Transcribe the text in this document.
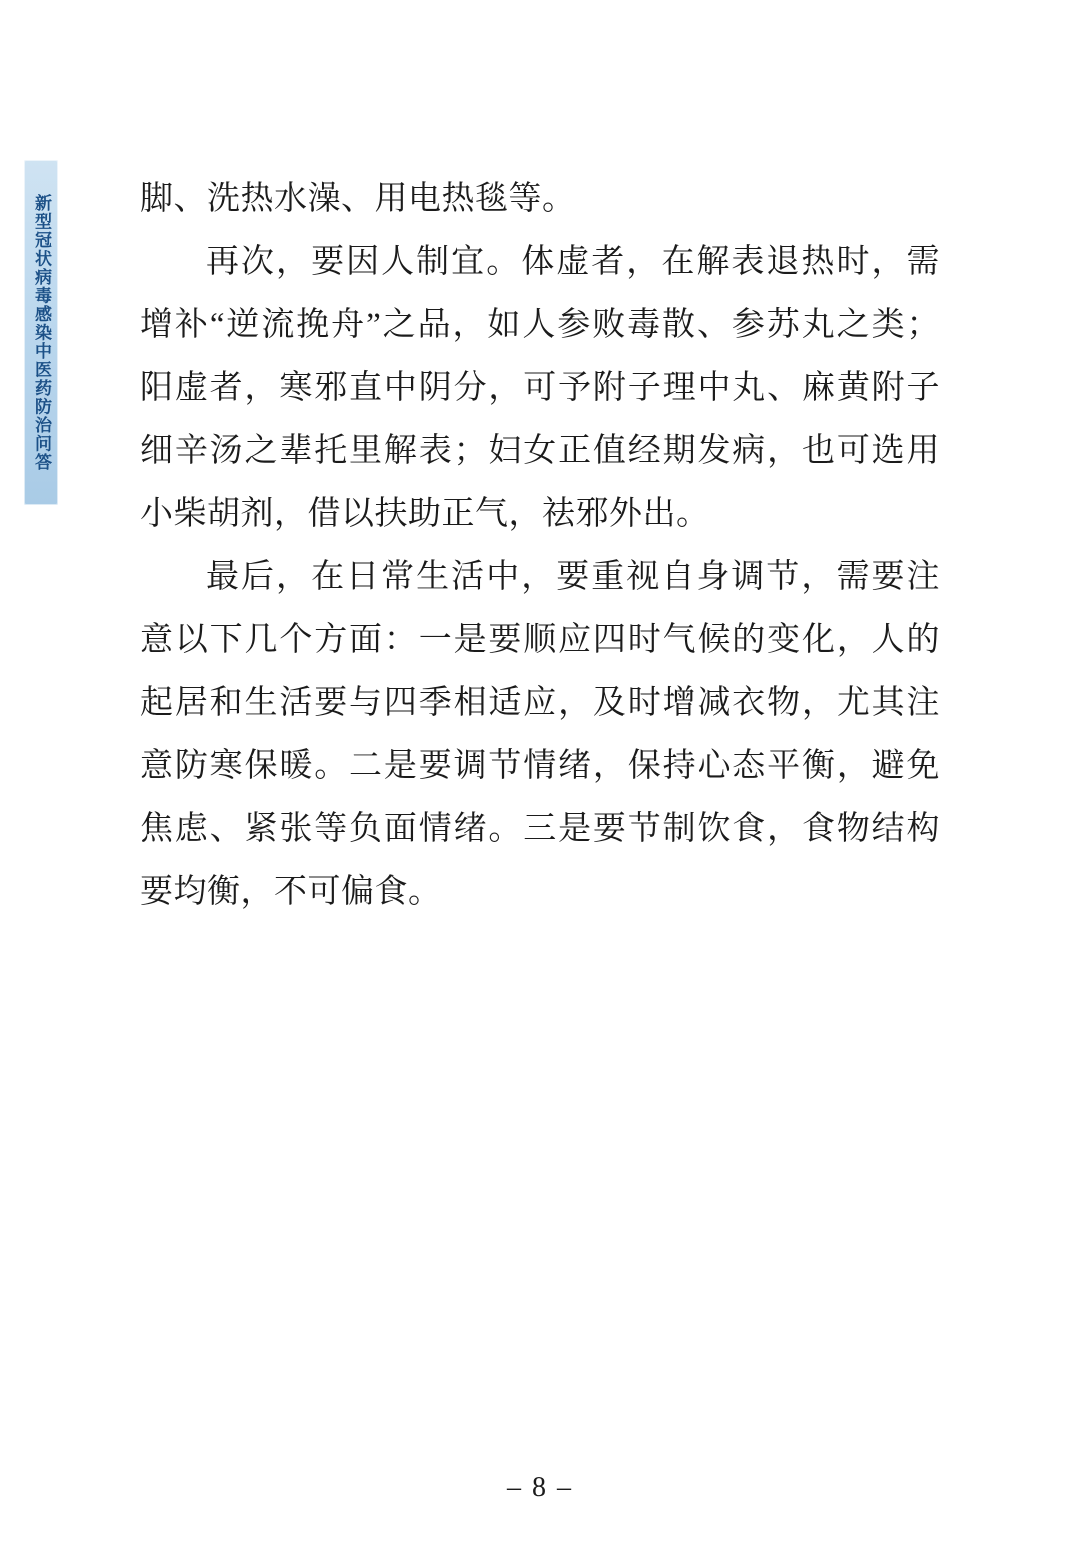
新型冠状病毒感染中医药防治问答	脚、洗热水澡、用电热毯等。

再次，要因人制宜。体虚者，在解表退热时，需增补“逆流挽舟”之品，如人参败毒散、参苏丸之类；阳虚者，寒邪直中阴分，可予附子理中丸、麻黄附子细辛汤之辈托里解表；妇女正值经期发病，也可选用小柴胡剂，借以扶助正气，祛邪外出。

最后，在日常生活中，要重视自身调节，需要注意以下几个方面：一是要顺应四时气候的变化，人的起居和生活要与四季相适应，及时增减衣物，尤其注意防寒保暖。二是要调节情绪，保持心态平衡，避免焦虑、紧张等负面情绪。三是要节制饮食，食物结构要均衡，不可偏食。

– 8 –
